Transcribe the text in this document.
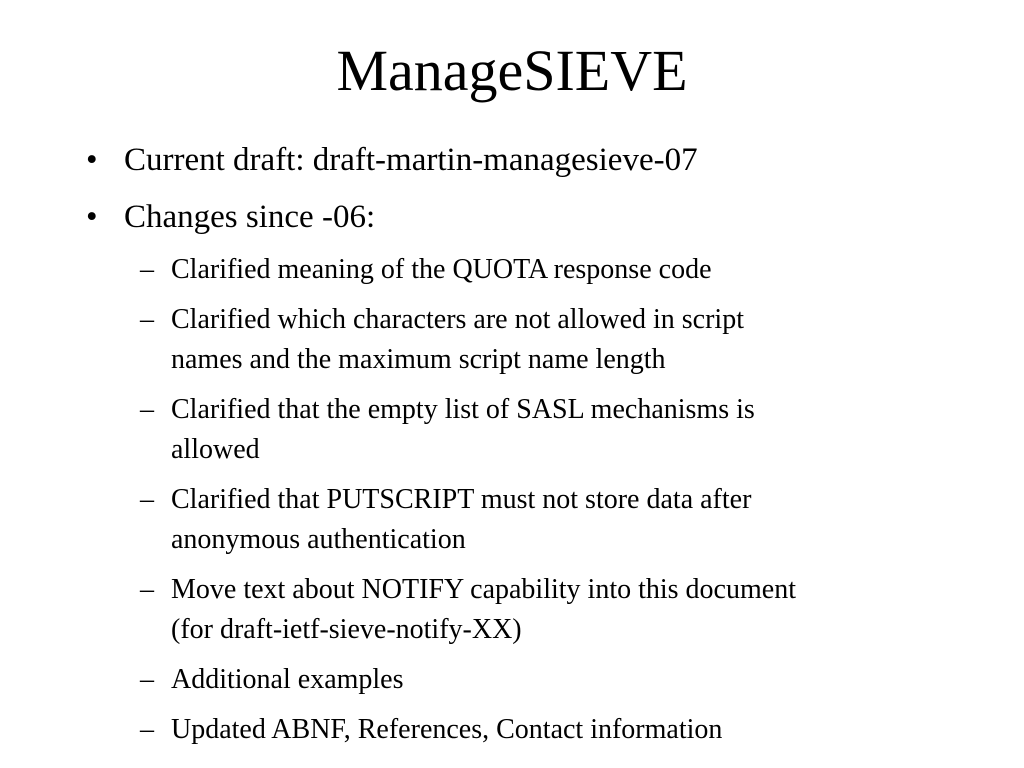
ManageSIEVE
• Current draft: draft-martin-managesieve-07
• Changes since -06:
– Clarified meaning of the QUOTA response code
– Clarified which characters are not allowed in script
names and the maximum script name length
– Clarified that the empty list of SASL mechanisms is
allowed
– Clarified that PUTSCRIPT must not store data after
anonymous authentication
– Move text about NOTIFY capability into this document
(for draft-ietf-sieve-notify-XX)
– Additional examples
– Updated ABNF, References, Contact information
